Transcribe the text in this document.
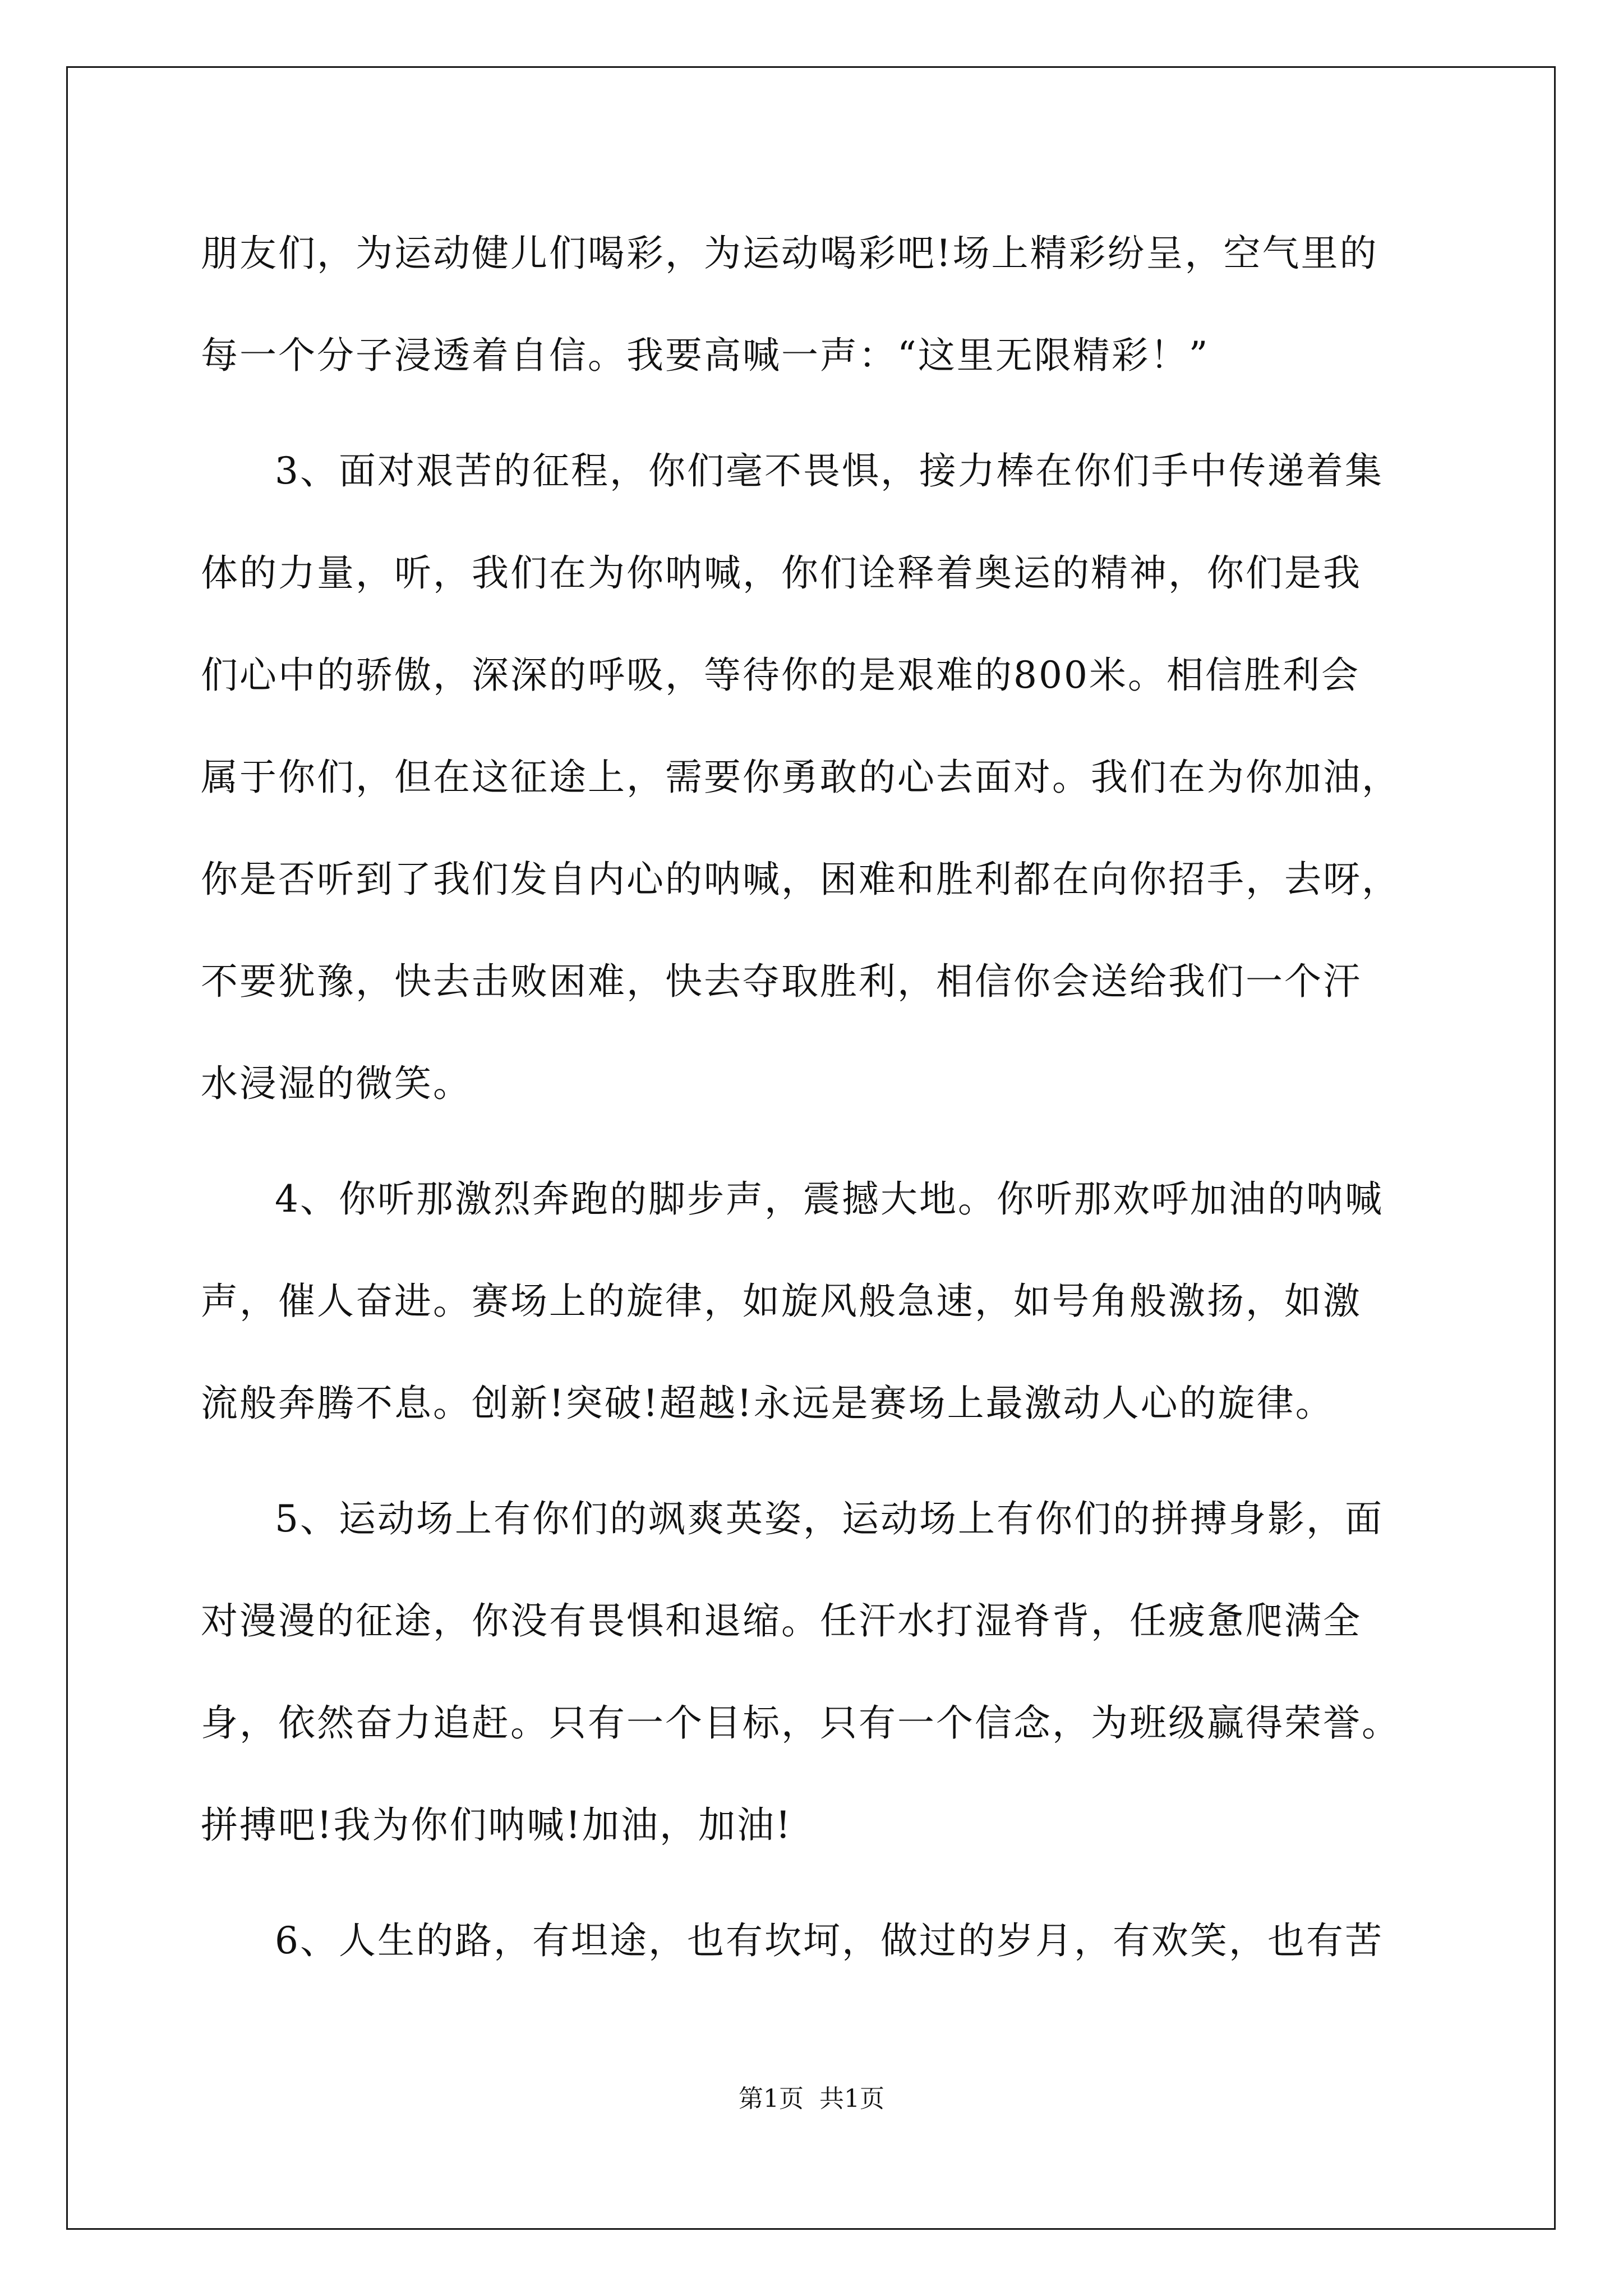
朋友们，为运动健儿们喝彩，为运动喝彩吧!场上精彩纷呈，空气里的
每一个分子浸透着自信。我要高喊一声：“这里无限精彩！”
3、面对艰苦的征程，你们毫不畏惧，接力棒在你们手中传递着集
体的力量，听，我们在为你呐喊，你们诠释着奥运的精神，你们是我
们心中的骄傲，深深的呼吸，等待你的是艰难的800米。相信胜利会
属于你们，但在这征途上，需要你勇敢的心去面对。我们在为你加油，
你是否听到了我们发自内心的呐喊，困难和胜利都在向你招手，去呀，
不要犹豫，快去击败困难，快去夺取胜利，相信你会送给我们一个汗
水浸湿的微笑。
4、你听那激烈奔跑的脚步声，震撼大地。你听那欢呼加油的呐喊
声，催人奋进。赛场上的旋律，如旋风般急速，如号角般激扬，如激
流般奔腾不息。创新!突破!超越!永远是赛场上最激动人心的旋律。
5、运动场上有你们的飒爽英姿，运动场上有你们的拼搏身影，面
对漫漫的征途，你没有畏惧和退缩。任汗水打湿脊背，任疲惫爬满全
身，依然奋力追赶。只有一个目标，只有一个信念，为班级赢得荣誉。
拼搏吧!我为你们呐喊!加油，加油!
6、人生的路，有坦途，也有坎坷，做过的岁月，有欢笑，也有苦
第1页  共1页
